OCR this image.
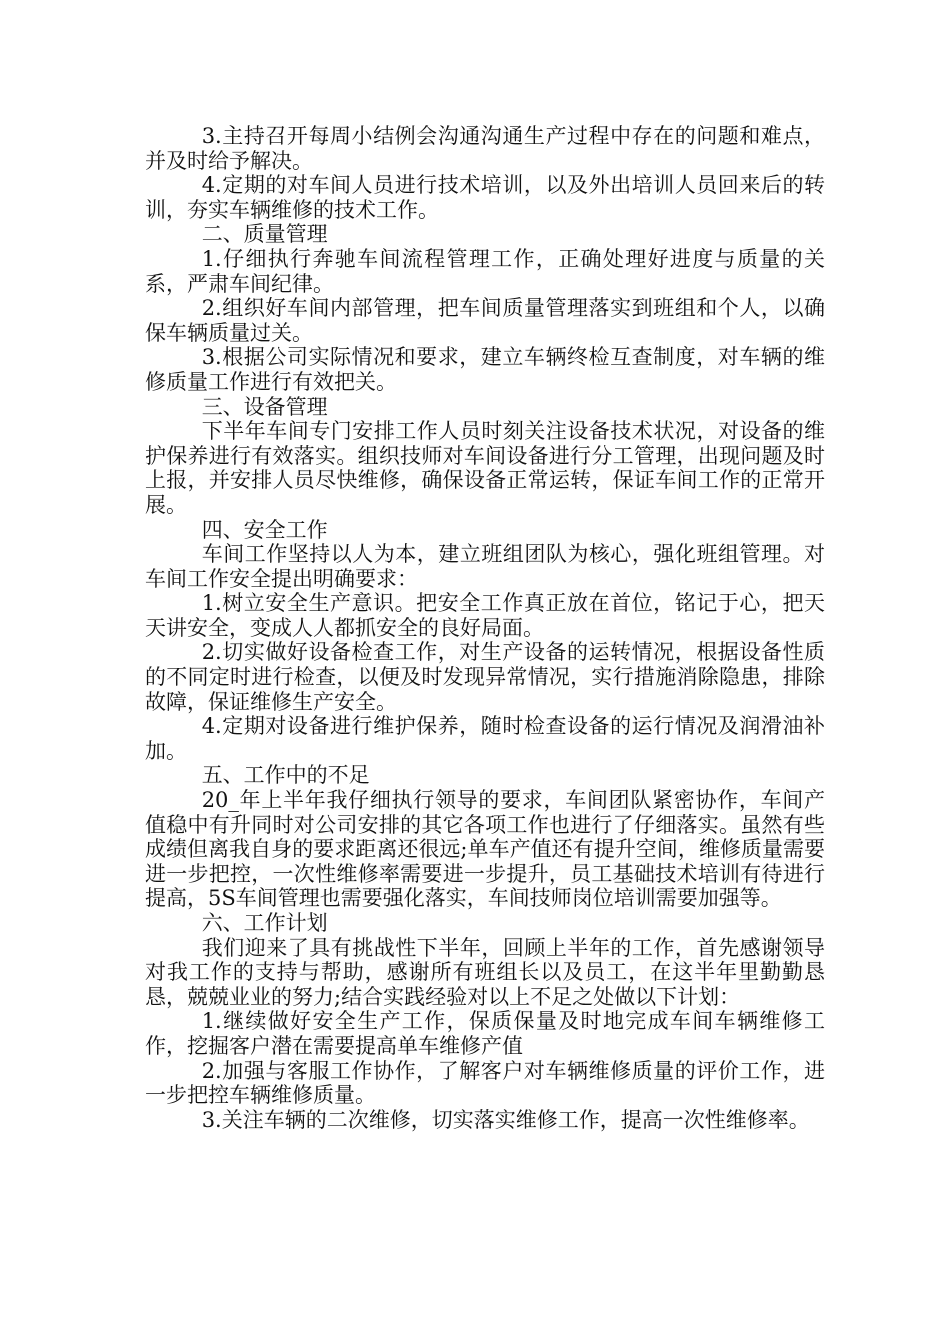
3.主持召开每周小结例会沟通沟通生产过程中存在的问题和难点，并及时给予解决。

4.定期的对车间人员进行技术培训，以及外出培训人员回来后的转训，夯实车辆维修的技术工作。

二、质量管理

1.仔细执行奔驰车间流程管理工作，正确处理好进度与质量的关系，严肃车间纪律。

2.组织好车间内部管理，把车间质量管理落实到班组和个人，以确保车辆质量过关。

3.根据公司实际情况和要求，建立车辆终检互查制度，对车辆的维修质量工作进行有效把关。

三、设备管理

下半年车间专门安排工作人员时刻关注设备技术状况，对设备的维护保养进行有效落实。组织技师对车间设备进行分工管理，出现问题及时上报，并安排人员尽快维修，确保设备正常运转，保证车间工作的正常开展。

四、安全工作

车间工作坚持以人为本，建立班组团队为核心，强化班组管理。对车间工作安全提出明确要求：

1.树立安全生产意识。把安全工作真正放在首位，铭记于心，把天天讲安全，变成人人都抓安全的良好局面。

2.切实做好设备检查工作，对生产设备的运转情况，根据设备性质的不同定时进行检查，以便及时发现异常情况，实行措施消除隐患，排除故障，保证维修生产安全。

4.定期对设备进行维护保养，随时检查设备的运行情况及润滑油补加。

五、工作中的不足

20_年上半年我仔细执行领导的要求，车间团队紧密协作，车间产值稳中有升同时对公司安排的其它各项工作也进行了仔细落实。虽然有些成绩但离我自身的要求距离还很远;单车产值还有提升空间，维修质量需要进一步把控，一次性维修率需要进一步提升，员工基础技术培训有待进行提高，5S车间管理也需要强化落实，车间技师岗位培训需要加强等。

六、工作计划

我们迎来了具有挑战性下半年，回顾上半年的工作，首先感谢领导对我工作的支持与帮助，感谢所有班组长以及员工，在这半年里勤勤恳恳，兢兢业业的努力;结合实践经验对以上不足之处做以下计划：

1.继续做好安全生产工作，保质保量及时地完成车间车辆维修工作，挖掘客户潜在需要提高单车维修产值

2.加强与客服工作协作，了解客户对车辆维修质量的评价工作，进一步把控车辆维修质量。

3.关注车辆的二次维修，切实落实维修工作，提高一次性维修率。
